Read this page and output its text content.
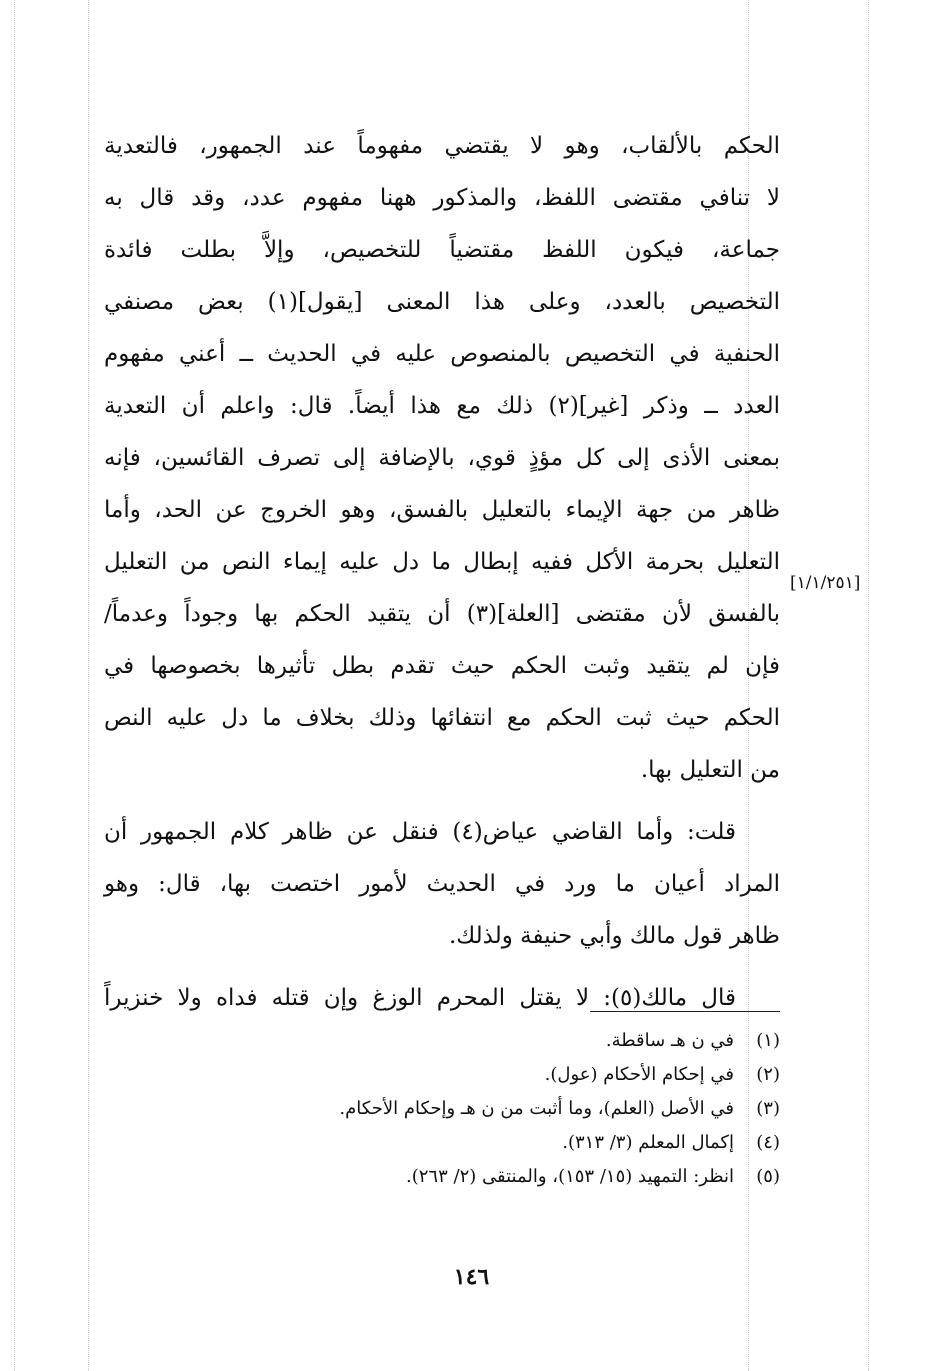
الحكم بالألقاب، وهو لا يقتضي مفهوماً عند الجمهور، فالتعدية
لا تنافي مقتضى اللفظ، والمذكور ههنا مفهوم عدد، وقد قال به
جماعة، فيكون اللفظ مقتضياً للتخصيص، وإلاَّ بطلت فائدة
التخصيص بالعدد، وعلى هذا المعنى [يقول](١) بعض مصنفي
الحنفية في التخصيص بالمنصوص عليه في الحديث ــ أعني مفهوم
العدد ــ وذكر [غير](٢) ذلك مع هذا أيضاً. قال: واعلم أن التعدية
بمعنى الأذى إلى كل مؤذٍ قوي، بالإضافة إلى تصرف القائسين، فإنه
ظاهر من جهة الإيماء بالتعليل بالفسق، وهو الخروج عن الحد، وأما
التعليل بحرمة الأكل ففيه إبطال ما دل عليه إيماء النص من التعليل
بالفسق لأن مقتضى [العلة](٣) أن يتقيد الحكم بها وجوداً وعدماً/
فإن لم يتقيد وثبت الحكم حيث تقدم بطل تأثيرها بخصوصها في
الحكم حيث ثبت الحكم مع انتفائها وذلك بخلاف ما دل عليه النص
من التعليل بها.
قلت: وأما القاضي عياض(٤) فنقل عن ظاهر كلام الجمهور أن
المراد أعيان ما ورد في الحديث لأمور اختصت بها، قال: وهو
ظاهر قول مالك وأبي حنيفة ولذلك.
قال مالك(٥): لا يقتل المحرم الوزغ وإن قتله فداه ولا خنزيراً
[١/١/٢٥١]
(١)في ن هـ ساقطة.
(٢)في إحكام الأحكام (عول).
(٣)في الأصل (العلم)، وما أثبت من ن هـ وإحكام الأحكام.
(٤)إكمال المعلم (٣/ ٣١٣).
(٥)انظر: التمهيد (١٥/ ١٥٣)، والمنتقى (٢/ ٢٦٣).
١٤٦
